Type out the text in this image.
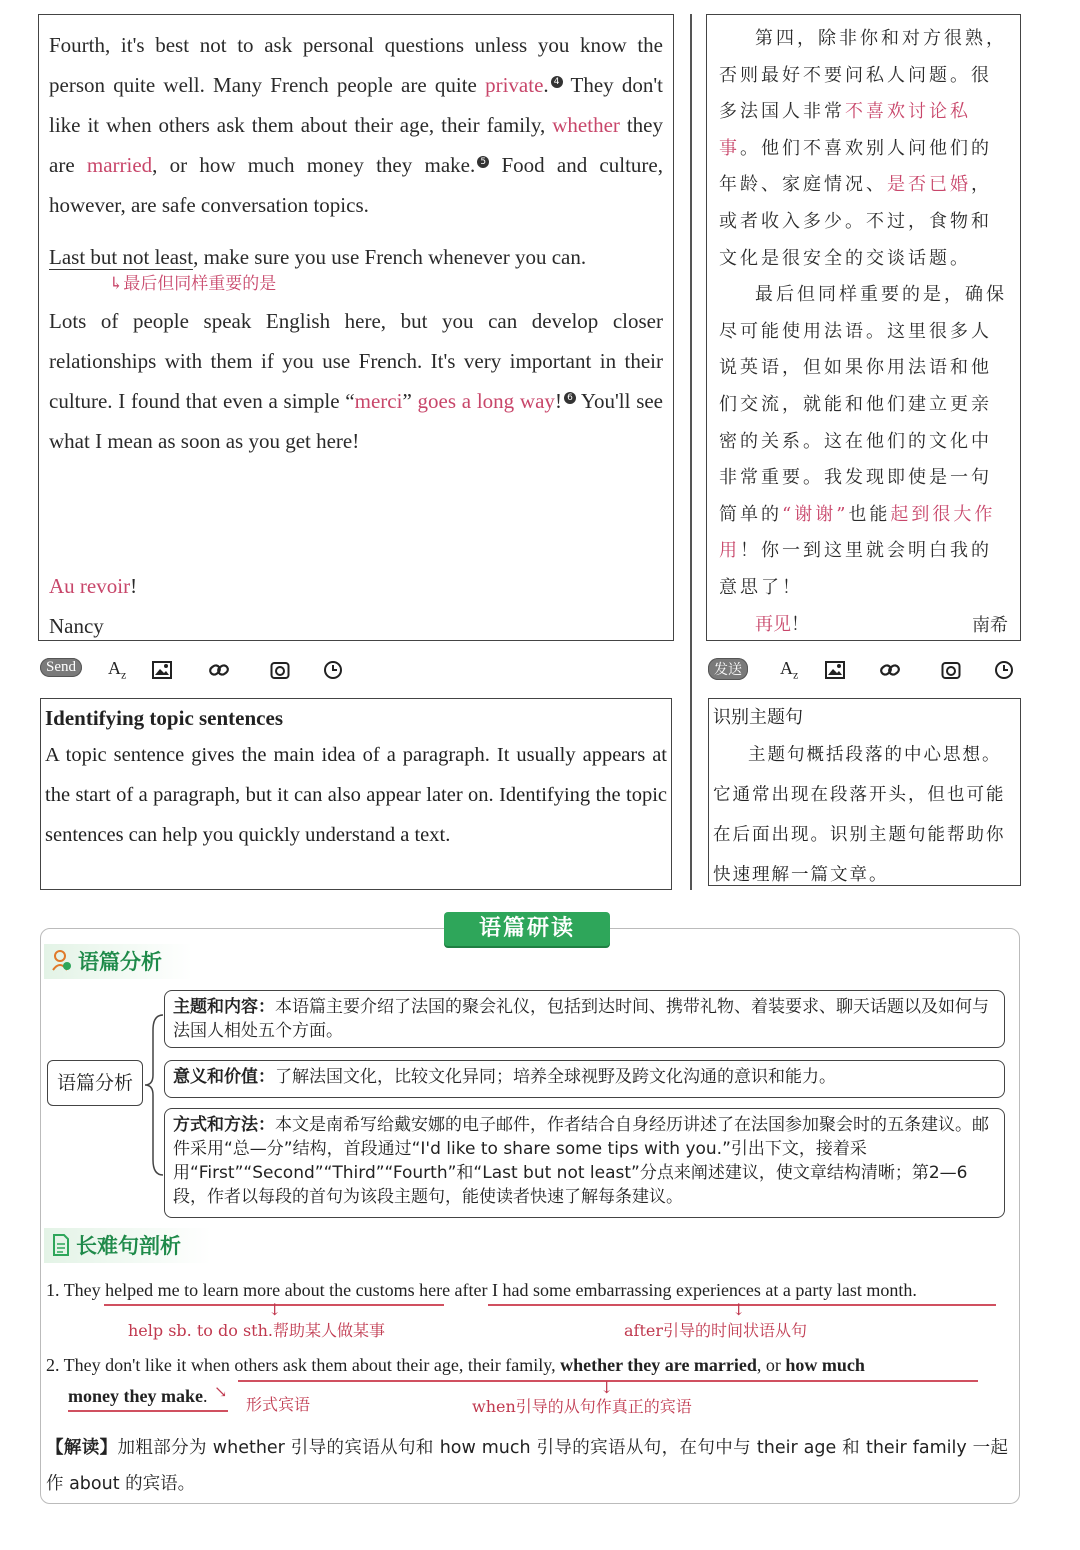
Fourth, it's best not to ask personal questions unless you know the person quite well. Many French people are quite private. 4 They don't like it when others ask them about their age, their family, whether they are married, or how much money they make. 5 Food and culture, however, are safe conversation topics.

Last but not least, make sure you use French whenever you can.

↳最后但同样重要的是

Lots of people speak English here, but you can develop closer relationships with them if you use French. It's very important in their culture. I found that even a simple “merci” goes a long way! 6 You'll see what I mean as soon as you get here!

Au revoir!
Nancy

第四，除非你和对方很熟，否则最好不要问私人问题。很多法国人非常不喜欢讨论私事。他们不喜欢别人问他们的年龄、家庭情况、是否已婚，或者收入多少。不过，食物和文化是很安全的交谈话题。

最后但同样重要的是，确保尽可能使用法语。这里很多人说英语，但如果你用法语和他们交流，就能和他们建立更亲密的关系。这在他们的文化中非常重要。我发现即使是一句简单的“谢谢”也能起到很大作用！你一到这里就会明白我的意思了！

再见！	南希
Send	$A_z$	发送	$A_z$
Identifying topic sentences
A topic sentence gives the main idea of a paragraph. It usually appears at the start of a paragraph, but it can also appear later on. Identifying the topic sentences can help you quickly understand a text.
识别主题句
主题句概括段落的中心思想。它通常出现在段落开头，但也可能在后面出现。识别主题句能帮助你快速理解一篇文章。
语篇研读
语篇分析
语篇分析
主题和内容：本语篇主要介绍了法国的聚会礼仪，包括到达时间、携带礼物、着装要求、聊天话题以及如何与法国人相处五个方面。
意义和价值：了解法国文化，比较文化异同；培养全球视野及跨文化沟通的意识和能力。
方式和方法：本文是南希写给戴安娜的电子邮件，作者结合自身经历讲述了在法国参加聚会时的五条建议。邮件采用“总—分”结构，首段通过“I'd like to share some tips with you.”引出下文，接着采用“First”“Second”“Third”“Fourth”和“Last but not least”分点来阐述建议，使文章结构清晰；第2—6段，作者以每段的首句为该段主题句，能使读者快速了解每条建议。
长难句剖析
1. They helped me to learn more about the customs here after I had some embarrassing experiences at a party last month.
↓
help sb. to do sth.帮助某人做某事
↓
after引导的时间状语从句
2. They don't like it when others ask them about their age, their family, whether they are married, or how much
money they make. ↘
形式宾语
↓
when引导的从句作真正的宾语
【解读】加粗部分为 whether 引导的宾语从句和 how much 引导的宾语从句，在句中与 their age 和 their family 一起作 about 的宾语。
